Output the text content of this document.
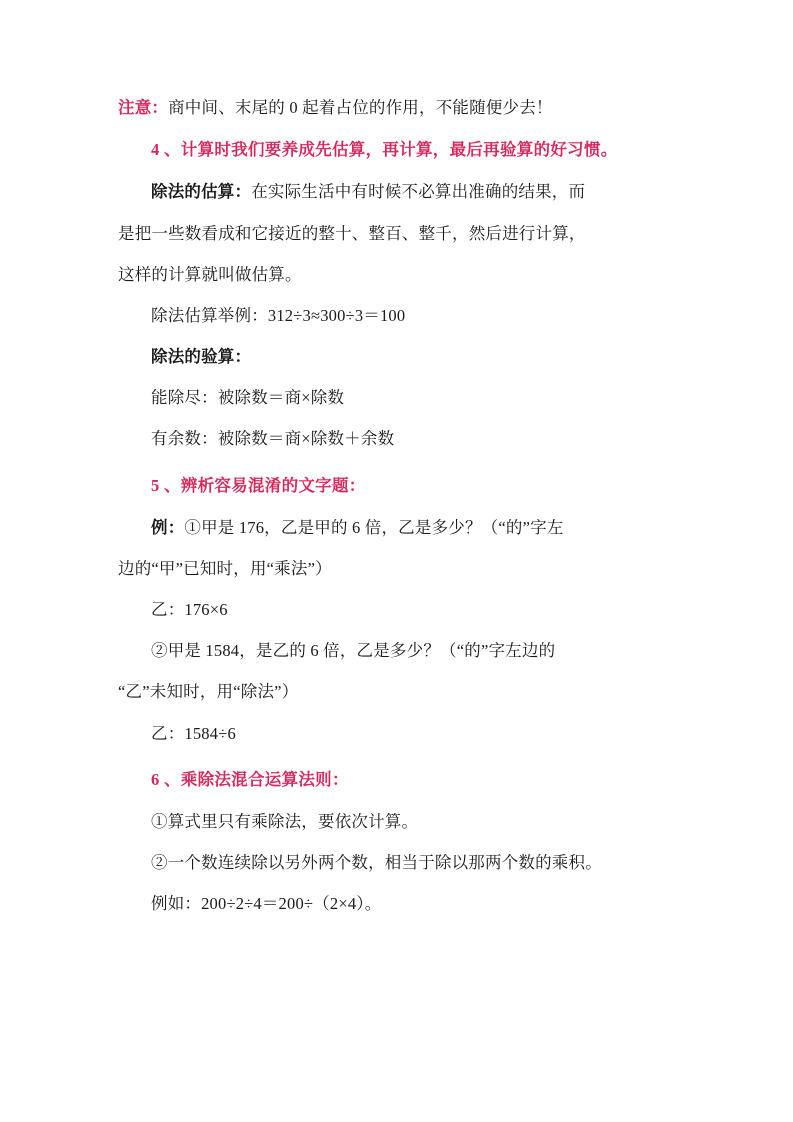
注意：商中间、末尾的 0 起着占位的作用，不能随便少去！

4 、计算时我们要养成先估算，再计算，最后再验算的好习惯。

除法的估算：在实际生活中有时候不必算出准确的结果，而

是把一些数看成和它接近的整十、整百、整千，然后进行计算，

这样的计算就叫做估算。

除法估算举例：312÷3≈300÷3＝100

除法的验算：

能除尽：被除数＝商×除数

有余数：被除数＝商×除数＋余数

5 、辨析容易混淆的文字题：

例：①甲是 176，乙是甲的 6 倍，乙是多少？（“的”字左

边的“甲”已知时，用“乘法”）

乙：176×6

②甲是 1584，是乙的 6 倍，乙是多少？（“的”字左边的

“乙”未知时，用“除法”）

乙：1584÷6

6 、乘除法混合运算法则：

①算式里只有乘除法，要依次计算。

②一个数连续除以另外两个数，相当于除以那两个数的乘积。

例如：200÷2÷4＝200÷（2×4）。
